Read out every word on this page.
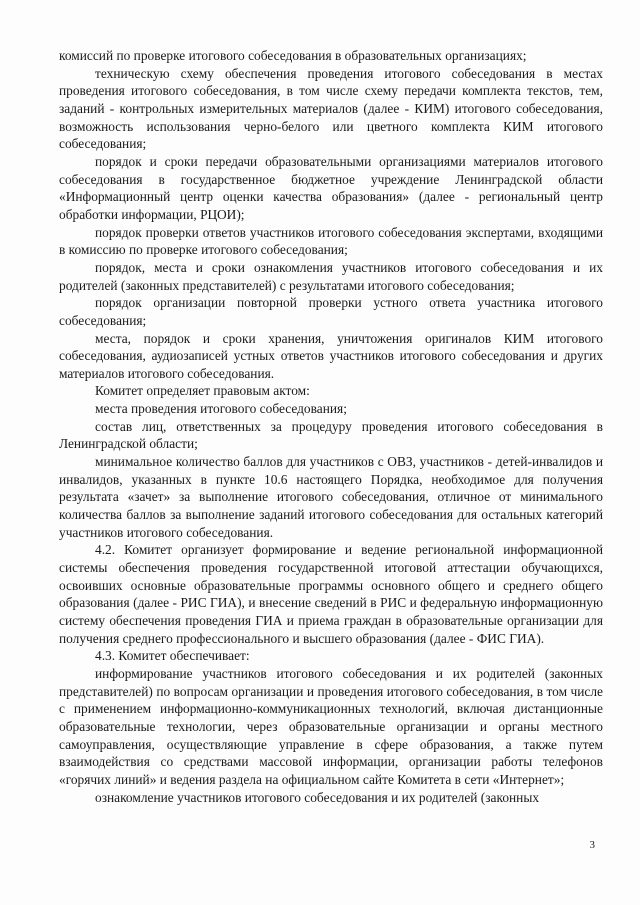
комиссий по проверке итогового собеседования в образовательных организациях;

техническую схему обеспечения проведения итогового собеседования в местах проведения итогового собеседования, в том числе схему передачи комплекта текстов, тем, заданий - контрольных измерительных материалов (далее - КИМ) итогового собеседования, возможность использования черно-белого или цветного комплекта КИМ итогового собеседования;

порядок и сроки передачи образовательными организациями материалов итогового собеседования в государственное бюджетное учреждение Ленинградской области «Информационный центр оценки качества образования» (далее - региональный центр обработки информации, РЦОИ);

порядок проверки ответов участников итогового собеседования экспертами, входящими в комиссию по проверке итогового собеседования;

порядок, места и сроки ознакомления участников итогового собеседования и их родителей (законных представителей) с результатами итогового собеседования;

порядок организации повторной проверки устного ответа участника итогового собеседования;

места, порядок и сроки хранения, уничтожения оригиналов КИМ итогового собеседования, аудиозаписей устных ответов участников итогового собеседования и других материалов итогового собеседования.

Комитет определяет правовым актом:

места проведения итогового собеседования;

состав лиц, ответственных за процедуру проведения итогового собеседования в Ленинградской области;

минимальное количество баллов для участников с ОВЗ, участников - детей-инвалидов и инвалидов, указанных в пункте 10.6 настоящего Порядка, необходимое для получения результата «зачет» за выполнение итогового собеседования, отличное от минимального количества баллов за выполнение заданий итогового собеседования для остальных категорий участников итогового собеседования.

4.2. Комитет организует формирование и ведение региональной информационной системы обеспечения проведения государственной итоговой аттестации обучающихся, освоивших основные образовательные программы основного общего и среднего общего образования (далее - РИС ГИА), и внесение сведений в РИС и федеральную информационную систему обеспечения проведения ГИА и приема граждан в образовательные организации для получения среднего профессионального и высшего образования (далее - ФИС ГИА).

4.3. Комитет обеспечивает:

информирование участников итогового собеседования и их родителей (законных представителей) по вопросам организации и проведения итогового собеседования, в том числе с применением информационно-коммуникационных технологий, включая дистанционные образовательные технологии, через образовательные организации и органы местного самоуправления, осуществляющие управление в сфере образования, а также путем взаимодействия со средствами массовой информации, организации работы телефонов «горячих линий» и ведения раздела на официальном сайте Комитета в сети «Интернет»;

ознакомление участников итогового собеседования и их родителей (законных

3
